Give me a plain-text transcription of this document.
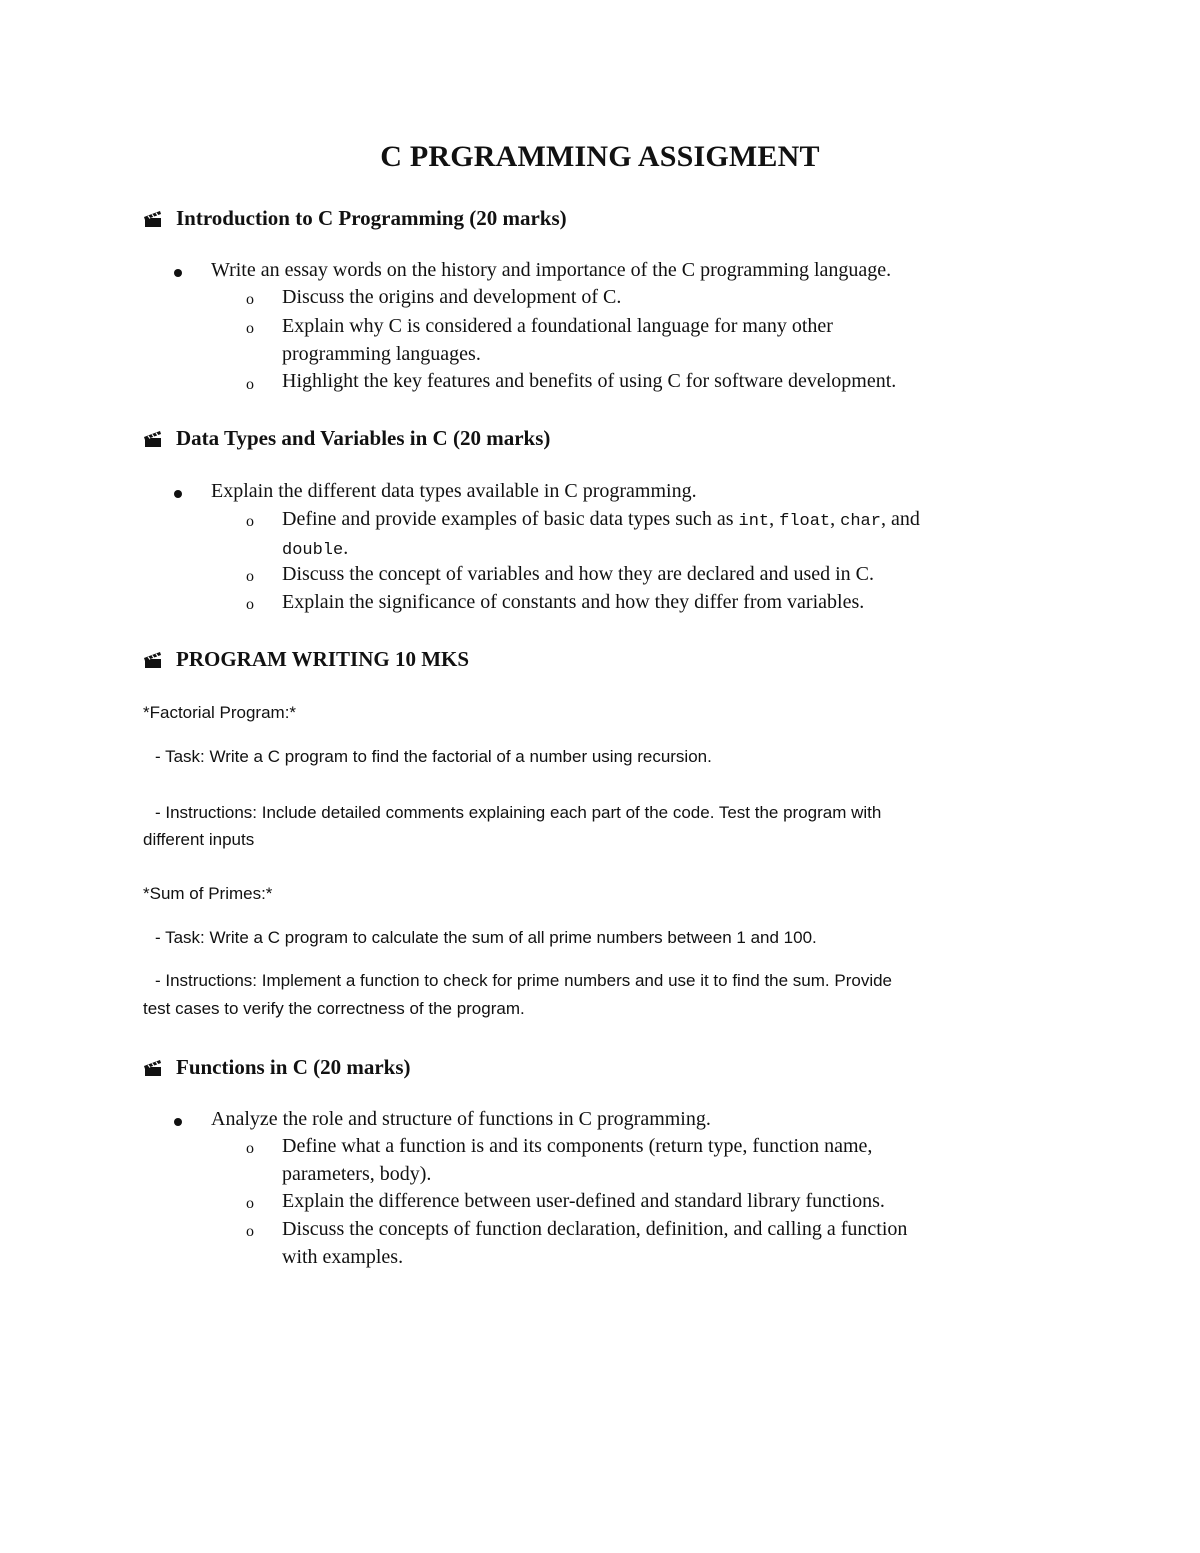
C PRGRAMMING ASSIGMENT
Introduction to C Programming (20 marks)
Write an essay words on the history and importance of the C programming language.
o Discuss the origins and development of C.
o Explain why C is considered a foundational language for many other
programming languages.
o Highlight the key features and benefits of using C for software development.
Data Types and Variables in C (20 marks)
Explain the different data types available in C programming.
o Define and provide examples of basic data types such as int, float, char, and
double.
o Discuss the concept of variables and how they are declared and used in C.
o Explain the significance of constants and how they differ from variables.
PROGRAM WRITING 10 MKS
*Factorial Program:*
- Task: Write a C program to find the factorial of a number using recursion.
- Instructions: Include detailed comments explaining each part of the code. Test the program with
different inputs
*Sum of Primes:*
- Task: Write a C program to calculate the sum of all prime numbers between 1 and 100.
- Instructions: Implement a function to check for prime numbers and use it to find the sum. Provide
test cases to verify the correctness of the program.
Functions in C (20 marks)
Analyze the role and structure of functions in C programming.
o Define what a function is and its components (return type, function name,
parameters, body).
o Explain the difference between user-defined and standard library functions.
o Discuss the concepts of function declaration, definition, and calling a function
with examples.
